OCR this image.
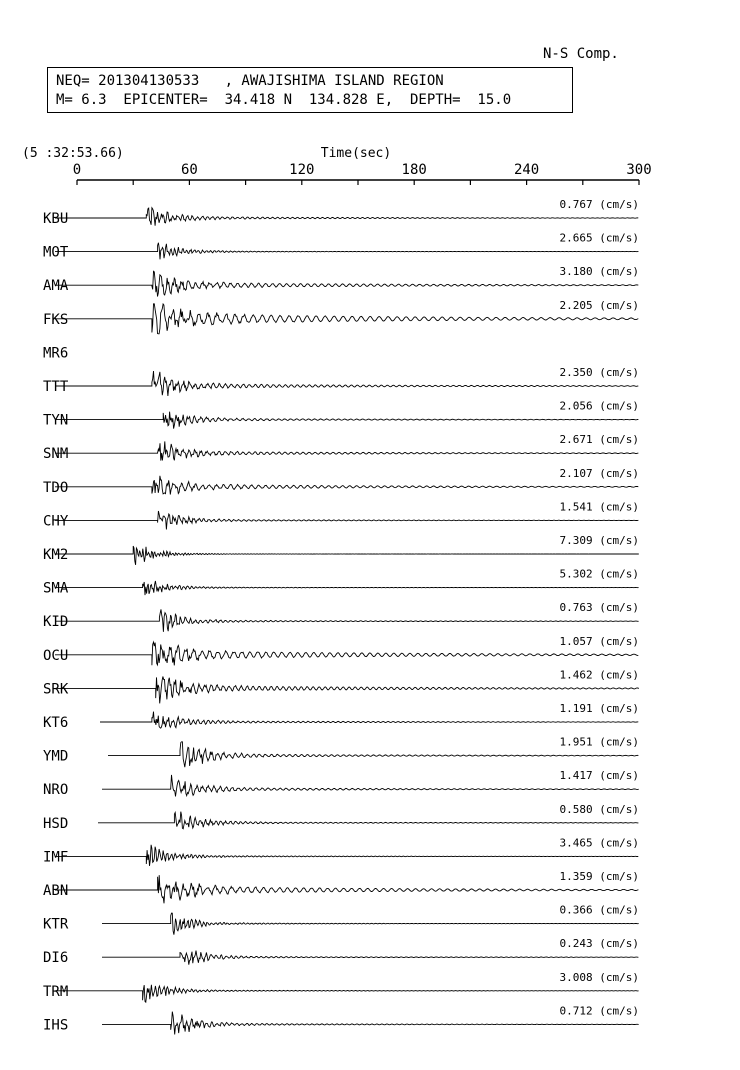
N-S Comp.
NEQ= 201304130533   , AWAJISHIMA ISLAND REGION
M= 6.3  EPICENTER=  34.418 N  134.828 E,  DEPTH=  15.0
(5 :32:53.66)	Time(sec)
0	60	120	180	240	300
KBU
0.767 (cm/s)
MOT
2.665 (cm/s)
AMA
3.180 (cm/s)
FKS
2.205 (cm/s)
MR6
TTT
2.350 (cm/s)
TYN
2.056 (cm/s)
SNM
2.671 (cm/s)
TDO
2.107 (cm/s)
CHY
1.541 (cm/s)
KM2
7.309 (cm/s)
SMA
5.302 (cm/s)
KID
0.763 (cm/s)
OCU
1.057 (cm/s)
SRK
1.462 (cm/s)
KT6
1.191 (cm/s)
YMD
1.951 (cm/s)
NRO
1.417 (cm/s)
HSD
0.580 (cm/s)
IMF
3.465 (cm/s)
ABN
1.359 (cm/s)
KTR
0.366 (cm/s)
DI6
0.243 (cm/s)
TRM
3.008 (cm/s)
IHS
0.712 (cm/s)
